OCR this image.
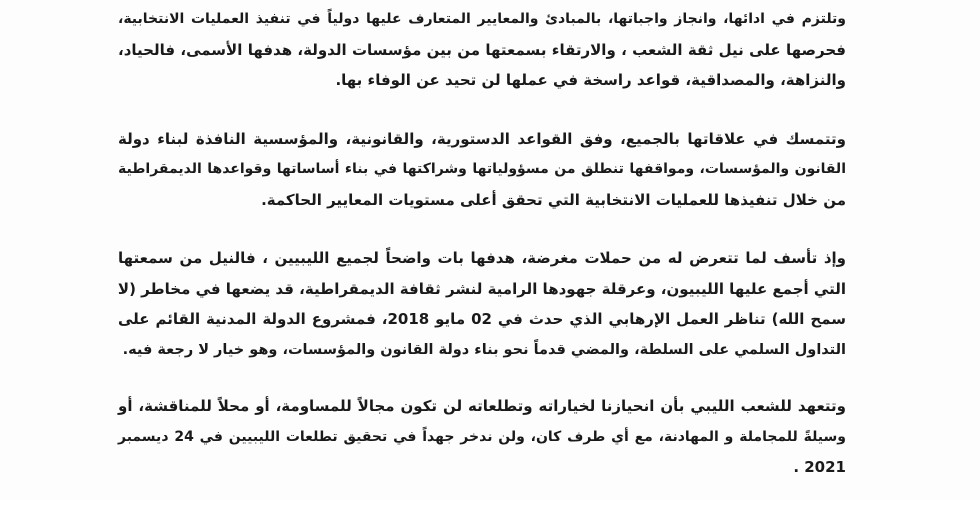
وتلتزم في ادائها، وانجاز واجباتها، بالمبادئ والمعايير المتعارف عليها دولياً في تنفيذ العمليات الانتخابية،
فحرصها على نيل ثقة الشعب ، والارتقاء بسمعتها من بين مؤسسات الدولة، هدفها الأسمى، فالحياد،
والنزاهة، والمصداقية، قواعد راسخة في عملها لن تحيد عن الوفاء بها.
وتتمسك في علاقاتها بالجميع، وفق القواعد الدستورية، والقانونية، والمؤسسية النافذة لبناء دولة
القانون والمؤسسات، ومواقفها تنطلق من مسؤولياتها وشراكتها في بناء أساساتها وقواعدها الديمقراطية
من خلال تنفيذها للعمليات الانتخابية التي تحقق أعلى مستويات المعايير الحاكمة.
وإذ تأسف لما تتعرض له من حملات مغرضة، هدفها بات واضحاً لجميع الليبيين ، فالنيل من سمعتها
التي أجمع عليها الليبيون، وعرقلة جهودها الرامية لنشر ثقافة الديمقراطية، قد يضعها في مخاطر (لا
سمح الله) تناظر العمل الإرهابي الذي حدث في 02 مايو 2018، فمشروع الدولة المدنية القائم على
التداول السلمي على السلطة، والمضي قدماً نحو بناء دولة القانون والمؤسسات، وهو خيار لا رجعة فيه.
وتتعهد للشعب الليبي بأن انحيازنا لخياراته وتطلعاته لن تكون مجالاً للمساومة، أو محلاً للمناقشة، أو
وسيلةً للمجاملة و المهادنة، مع أي طرف كان، ولن ندخر جهداً في تحقيق تطلعات الليبيين في 24 ديسمبر
2021 .
